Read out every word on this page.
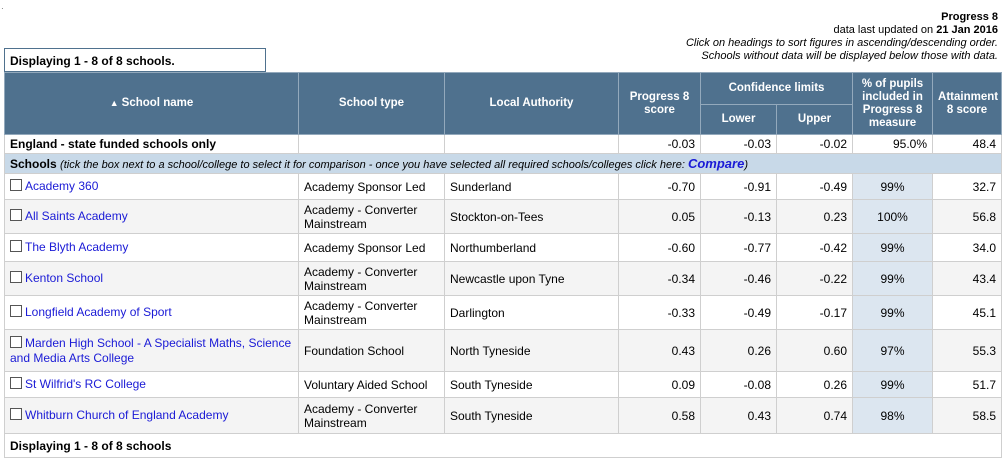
·
Progress 8
data last updated on 21 Jan 2016
Click on headings to sort figures in ascending/descending order.
Schools without data will be displayed below those with data.
Displaying 1 - 8 of 8 schools.
▲ School name	School type	Local Authority	Progress 8 score	Confidence limits		% of pupils included in Progress 8 measure	Attainment 8 score
				Lower	Upper		
England - state funded schools only			-0.03	-0.03	-0.02	95.0%	48.4
Schools (tick the box next to a school/college to select it for comparison - once you have selected all required schools/colleges click here: Compare)							
Academy 360	Academy Sponsor Led	Sunderland	-0.70	-0.91	-0.49	99%	32.7
All Saints Academy	Academy - Converter Mainstream	Stockton-on-Tees	0.05	-0.13	0.23	100%	56.8
The Blyth Academy	Academy Sponsor Led	Northumberland	-0.60	-0.77	-0.42	99%	34.0
Kenton School	Academy - Converter Mainstream	Newcastle upon Tyne	-0.34	-0.46	-0.22	99%	43.4
Longfield Academy of Sport	Academy - Converter Mainstream	Darlington	-0.33	-0.49	-0.17	99%	45.1
Marden High School - A Specialist Maths, Science and Media Arts College	Foundation School	North Tyneside	0.43	0.26	0.60	97%	55.3
St Wilfrid's RC College	Voluntary Aided School	South Tyneside	0.09	-0.08	0.26	99%	51.7
Whitburn Church of England Academy	Academy - Converter Mainstream	South Tyneside	0.58	0.43	0.74	98%	58.5
Displaying 1 - 8 of 8 schools							
